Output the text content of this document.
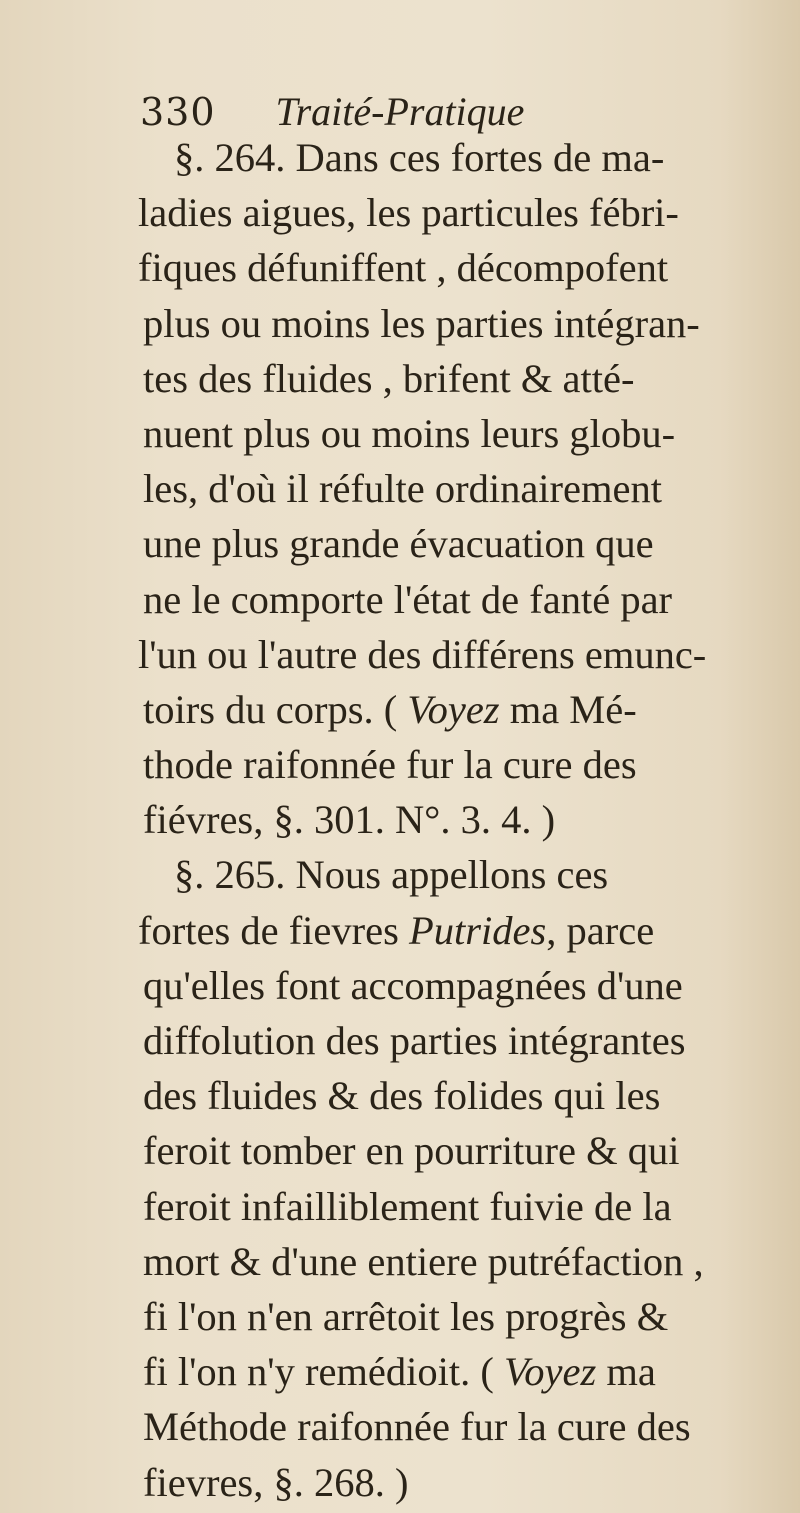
330 Traité-Pratique
§. 264. Dans ces fortes de ma-
ladies aigues, les particules fébri-
fiques défuniffent , décompofent
plus ou moins les parties intégran-
tes des fluides , brifent & atté-
nuent plus ou moins leurs globu-
les, d'où il réfulte ordinairement
une plus grande évacuation que
ne le comporte l'état de fanté par
l'un ou l'autre des différens emunc-
toirs du corps. ( Voyez ma Mé-
thode raifonnée fur la cure des
fiévres, §. 301. N°. 3. 4. )
§. 265. Nous appellons ces
fortes de fievres Putrides, parce
qu'elles font accompagnées d'une
diffolution des parties intégrantes
des fluides & des folides qui les
feroit tomber en pourriture & qui
feroit infailliblement fuivie de la
mort & d'une entiere putréfaction ,
fi l'on n'en arrêtoit les progrès &
fi l'on n'y remédioit. ( Voyez ma
Méthode raifonnée fur la cure des
fievres, §. 268. )
